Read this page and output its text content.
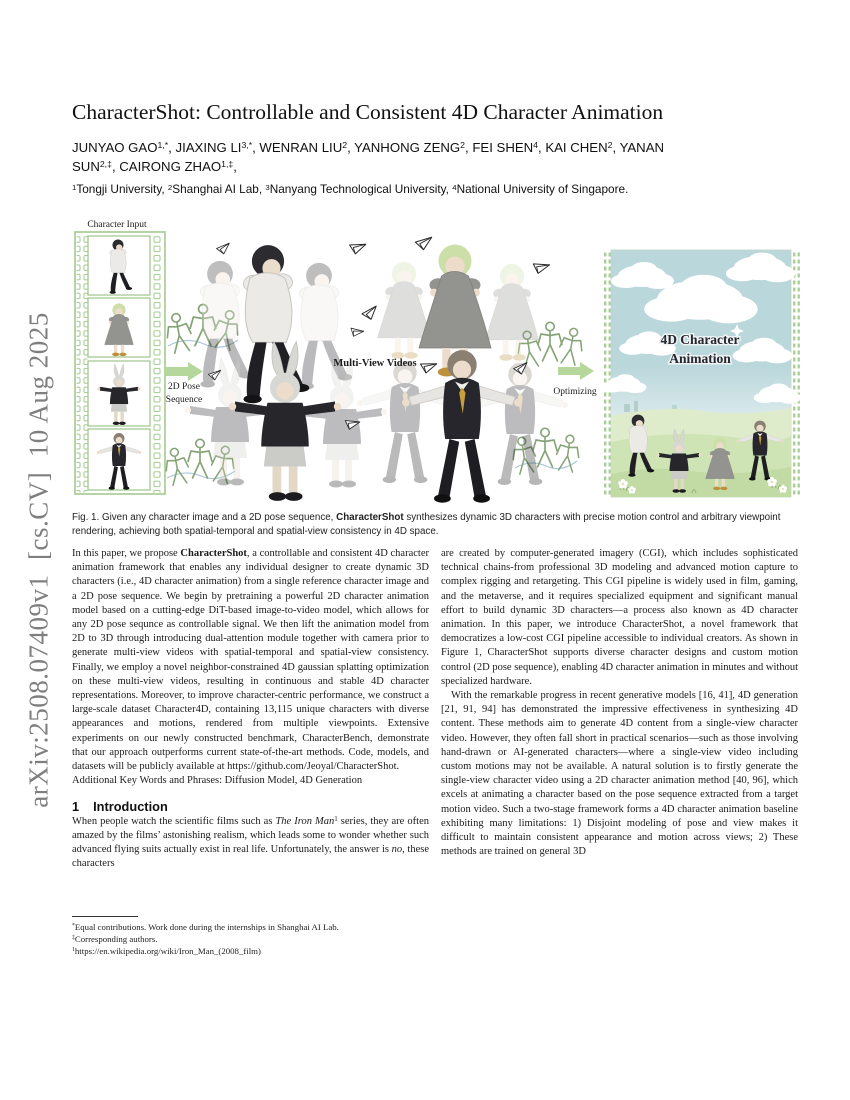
arXiv:2508.07409v1  [cs.CV]  10 Aug 2025
CharacterShot: Controllable and Consistent 4D Character Animation
JUNYAO $GAO^{1,*}$, JIAXING $LI^{3,*}$, WENRAN LIU$^2$, YANHONG ZENG$^2$, FEI SHEN$^4$, KAI CHEN$^2$, YANAN
$SUN^{2,\ddagger}$, CAIRONG $ZHAO^{1,\ddagger}$,
$^1$Tongji University, $^2$Shanghai AI Lab, $^3$Nanyang Technological University, $^4$National University of Singapore.
Character Input
2D Pose
Sequence
Multi-View Videos
Optimizing
4D Character
Animation
Fig. 1. Given any character image and a 2D pose sequence, CharacterShot synthesizes dynamic 3D characters with precise motion control and arbitrary viewpoint rendering, achieving both spatial-temporal and spatial-view consistency in 4D space.

In this paper, we propose CharacterShot, a controllable and consistent 4D character animation framework that enables any individual designer to create dynamic 3D characters (i.e., 4D character animation) from a single reference character image and a 2D pose sequence. We begin by pretraining a powerful 2D character animation model based on a cutting-edge DiT-based image-to-video model, which allows for any 2D pose sequnce as controllable signal. We then lift the animation model from 2D to 3D through introducing dual-attention module together with camera prior to generate multi-view videos with spatial-temporal and spatial-view consistency. Finally, we employ a novel neighbor-constrained 4D gaussian splatting optimization on these multi-view videos, resulting in continuous and stable 4D character representations. Moreover, to improve character-centric performance, we construct a large-scale dataset Character4D, containing 13,115 unique characters with diverse appearances and motions, rendered from multiple viewpoints. Extensive experiments on our newly constructed benchmark, CharacterBench, demonstrate that our approach outperforms current state-of-the-art methods. Code, models, and datasets will be publicly available at https://github.com/Jeoyal/CharacterShot.

Additional Key Words and Phrases: Diffusion Model, 4D Generation

1 Introduction

When people watch the scientific films such as The Iron Man$^1$ series, they are often amazed by the films’ astonishing realism, which leads some to wonder whether such advanced flying suits actually exist in real life. Unfortunately, the answer is no, these characters

are created by computer-generated imagery (CGI), which includes sophisticated technical chains-from professional 3D modeling and advanced motion capture to complex rigging and retargeting. This CGI pipeline is widely used in film, gaming, and the metaverse, and it requires specialized equipment and significant manual effort to build dynamic 3D characters—a process also known as 4D character animation. In this paper, we introduce CharacterShot, a novel framework that democratizes a low-cost CGI pipeline accessible to individual creators. As shown in Figure 1, CharacterShot supports diverse character designs and custom motion control (2D pose sequence), enabling 4D character animation in minutes and without specialized hardware.

With the remarkable progress in recent generative models [16, 41], 4D generation [21, 91, 94] has demonstrated the impressive effectiveness in synthesizing 4D content. These methods aim to generate 4D content from a single-view character video. However, they often fall short in practical scenarios—such as those involving hand-drawn or AI-generated characters—where a single-view video including custom motions may not be available. A natural solution is to firstly generate the single-view character video using a 2D character animation method [40, 96], which excels at animating a character based on the pose sequence extracted from a target motion video. Such a two-stage framework forms a 4D character animation baseline exhibiting many limitations: 1) Disjoint modeling of pose and view makes it difficult to maintain consistent appearance and motion across views; 2) These methods are trained on general 3D

*Equal contributions. Work done during the internships in Shanghai AI Lab.
‡Corresponding authors.
$^1$https://en.wikipedia.org/wiki/Iron_Man_(2008_film)
